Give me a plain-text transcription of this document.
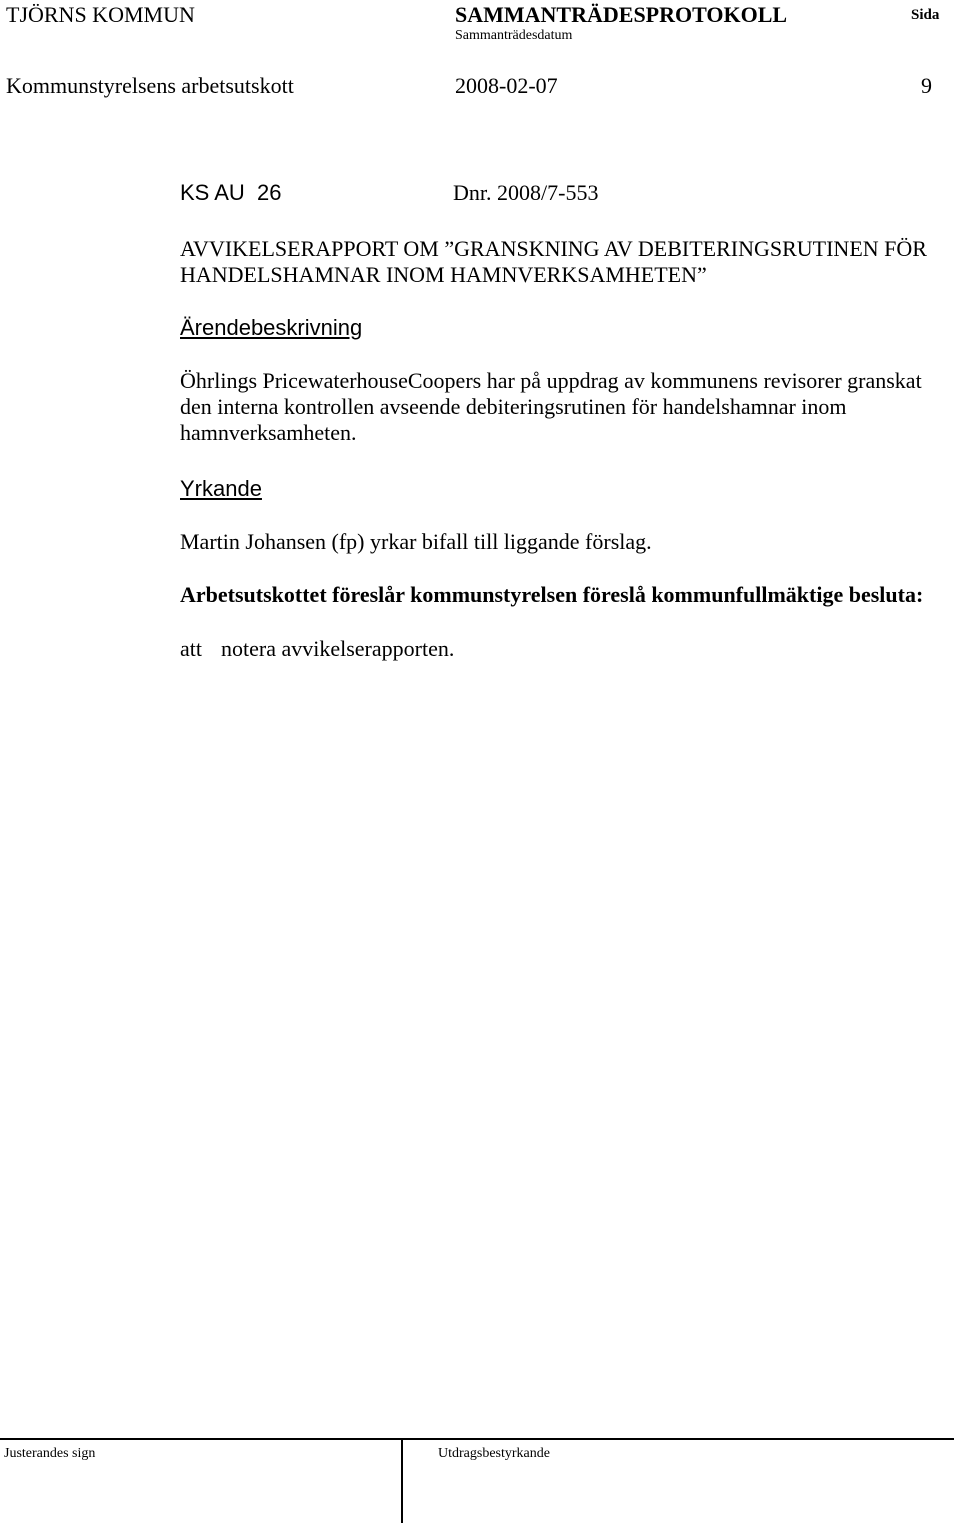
TJÖRNS KOMMUN	SAMMANTRÄDESPROTOKOLL	Sida
Sammanträdesdatum
Kommunstyrelsens arbetsutskott	2008-02-07	9
KS AU  26	Dnr. 2008/7-553
AVVIKELSERAPPORT OM ”GRANSKNING AV DEBITERINGSRUTINEN FÖR HANDELSHAMNAR INOM HAMNVERKSAMHETEN”
Ärendebeskrivning
Öhrlings PricewaterhouseCoopers har på uppdrag av kommunens revisorer granskat den interna kontrollen avseende debiteringsrutinen för handelshamnar inom hamnverksamheten.
Yrkande
Martin Johansen (fp) yrkar bifall till liggande förslag.
Arbetsutskottet föreslår kommunstyrelsen föreslå kommunfullmäktige besluta:
att notera avvikelserapporten.
Justerandes sign	Utdragsbestyrkande
